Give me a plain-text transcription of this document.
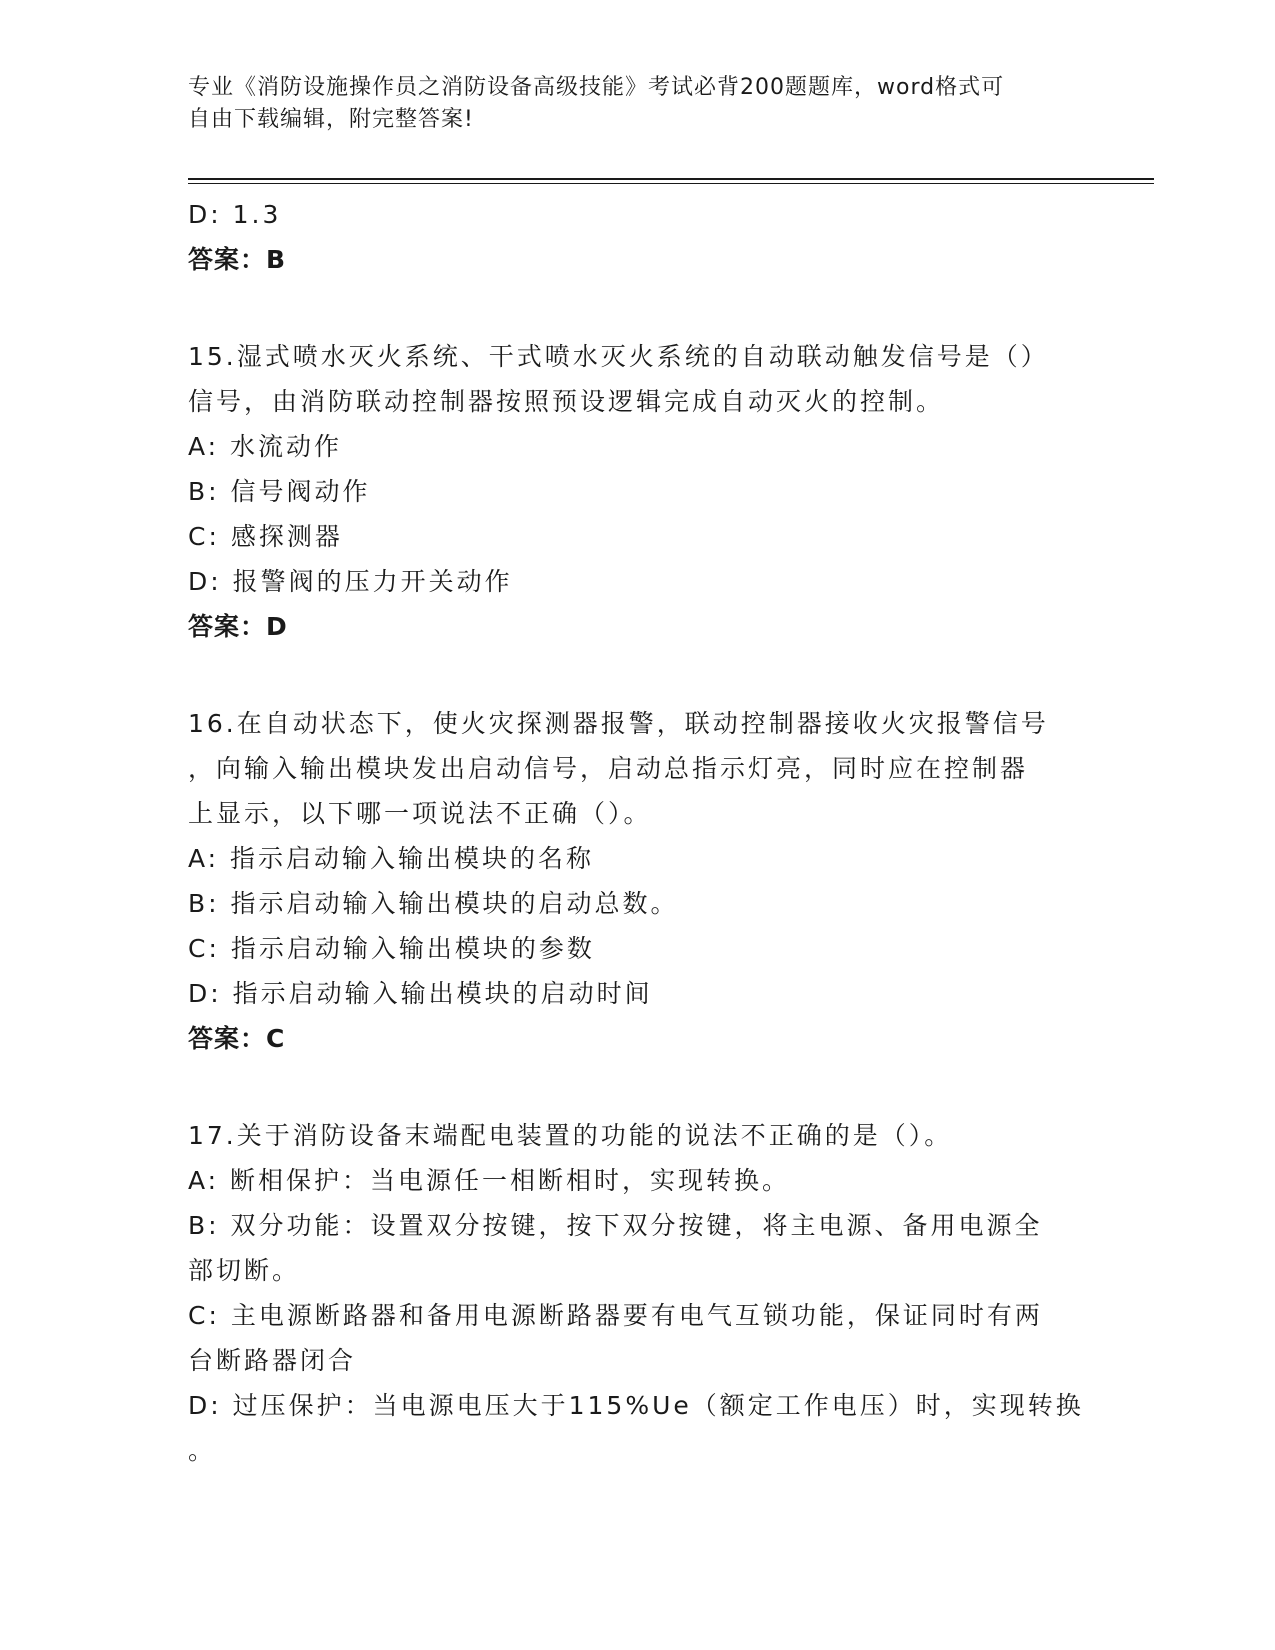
专业《消防设施操作员之消防设备高级技能》考试必背200题题库，word格式可
自由下载编辑，附完整答案!

D: 1.3

答案：B

15.湿式喷水灭火系统、干式喷水灭火系统的自动联动触发信号是（）

信号，由消防联动控制器按照预设逻辑完成自动灭火的控制。

A: 水流动作

B: 信号阀动作

C: 感探测器

D: 报警阀的压力开关动作

答案：D

16.在自动状态下，使火灾探测器报警，联动控制器接收火灾报警信号

，向输入输出模块发出启动信号，启动总指示灯亮，同时应在控制器

上显示，以下哪一项说法不正确（）。

A: 指示启动输入输出模块的名称

B: 指示启动输入输出模块的启动总数。

C: 指示启动输入输出模块的参数

D: 指示启动输入输出模块的启动时间

答案：C

17.关于消防设备末端配电装置的功能的说法不正确的是（）。

A: 断相保护：当电源任一相断相时，实现转换。

B: 双分功能：设置双分按键，按下双分按键，将主电源、备用电源全

部切断。

C: 主电源断路器和备用电源断路器要有电气互锁功能，保证同时有两

台断路器闭合

D: 过压保护：当电源电压大于115%Ue（额定工作电压）时，实现转换

。
